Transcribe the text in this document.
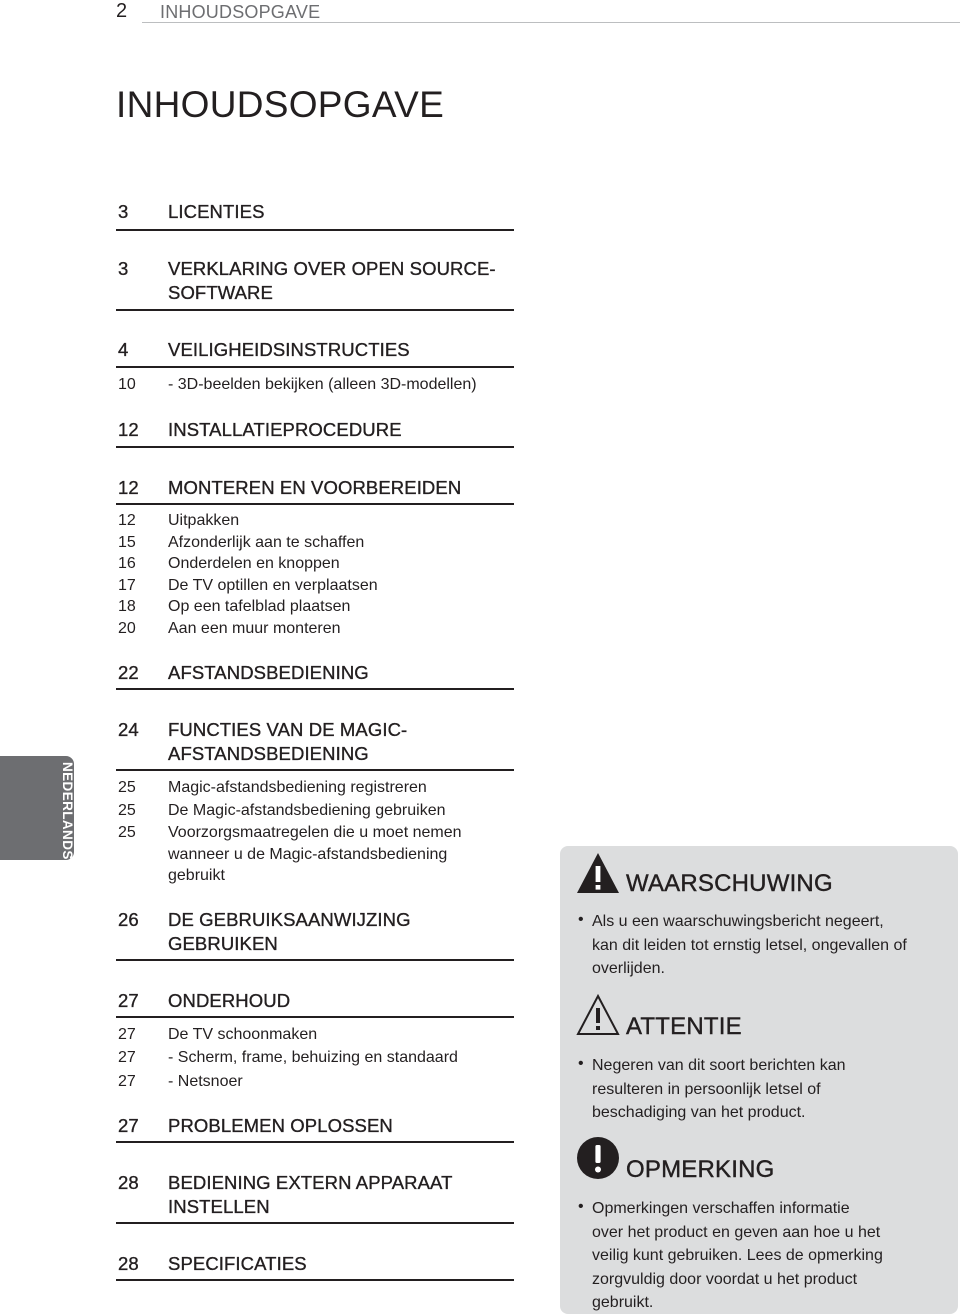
2 INHOUDSOPGAVE
INHOUDSOPGAVE
3 LICENTIES
3 VERKLARING OVER OPEN SOURCE-
SOFTWARE
4 VEILIGHEIDSINSTRUCTIES
10 - 3D-beelden bekijken (alleen 3D-modellen)
12 INSTALLATIEPROCEDURE
12 MONTEREN EN VOORBEREIDEN
12 Uitpakken
15 Afzonderlijk aan te schaffen
16 Onderdelen en knoppen
17 De TV optillen en verplaatsen
18 Op een tafelblad plaatsen
20 Aan een muur monteren
22 AFSTANDSBEDIENING
24 FUNCTIES VAN DE MAGIC-
AFSTANDSBEDIENING
25 Magic-afstandsbediening registreren
25 De Magic-afstandsbediening gebruiken
25 Voorzorgsmaatregelen die u moet nemen
wanneer u de Magic-afstandsbediening
gebruikt
26 DE GEBRUIKSAANWIJZING
GEBRUIKEN
27 ONDERHOUD
27 De TV schoonmaken
27 - Scherm, frame, behuizing en standaard
27 - Netsnoer
27 PROBLEMEN OPLOSSEN
28 BEDIENING EXTERN APPARAAT
INSTELLEN
28 SPECIFICATIES
NEDERLANDS
WAARSCHUWING
• Als u een waarschuwingsbericht negeert,
kan dit leiden tot ernstig letsel, ongevallen of
overlijden.
ATTENTIE
• Negeren van dit soort berichten kan
resulteren in persoonlijk letsel of
beschadiging van het product.
OPMERKING
• Opmerkingen verschaffen informatie
over het product en geven aan hoe u het
veilig kunt gebruiken. Lees de opmerking
zorgvuldig door voordat u het product
gebruikt.
